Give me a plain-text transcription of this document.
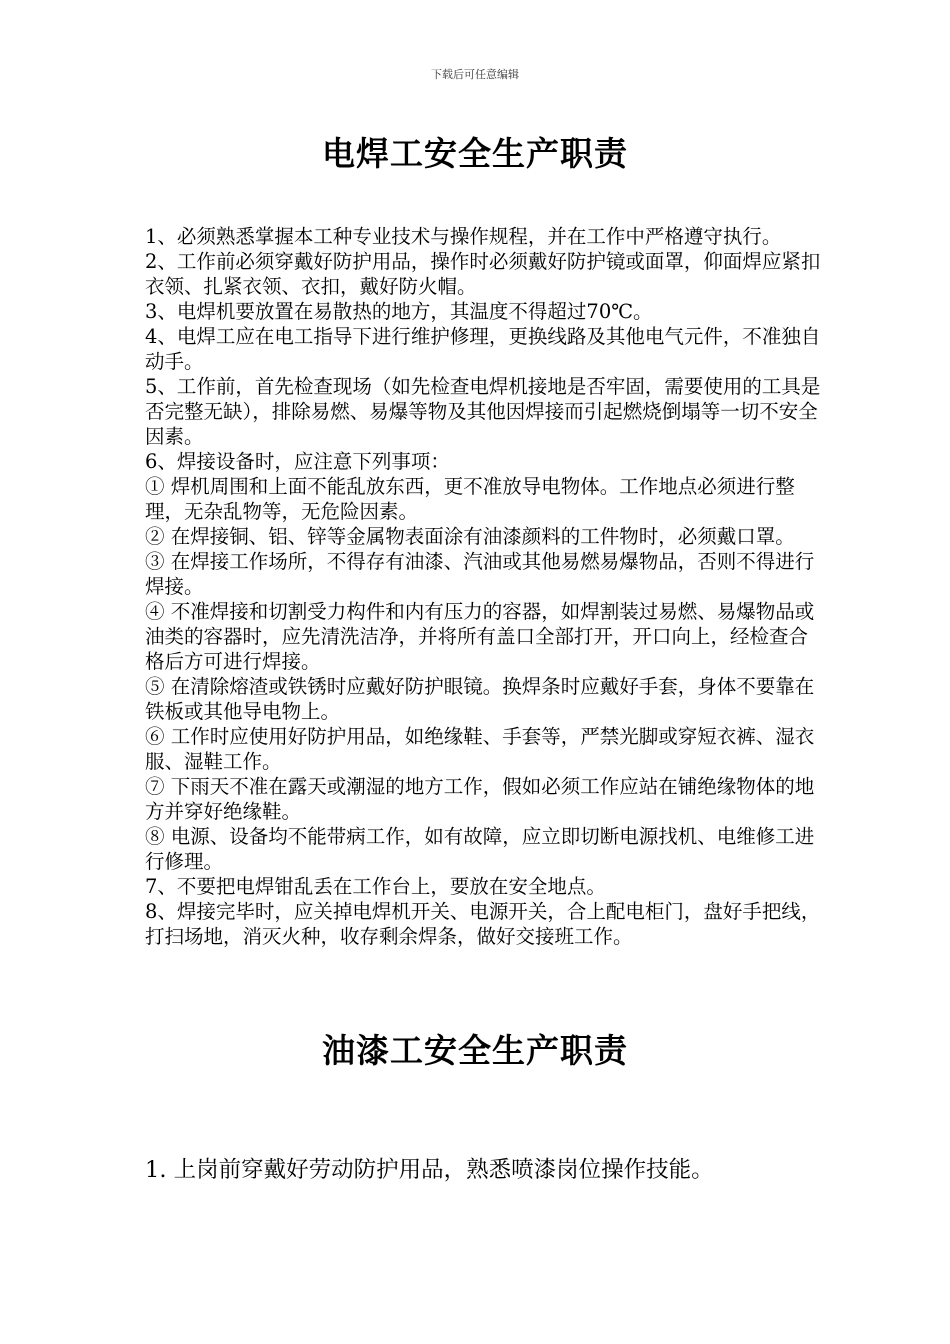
下载后可任意编辑
电焊工安全生产职责

1、必须熟悉掌握本工种专业技术与操作规程，并在工作中严格遵守执行。

2、工作前必须穿戴好防护用品，操作时必须戴好防护镜或面罩，仰面焊应紧扣衣领、扎紧衣领、衣扣，戴好防火帽。

3、电焊机要放置在易散热的地方，其温度不得超过70℃。

4、电焊工应在电工指导下进行维护修理，更换线路及其他电气元件，不准独自动手。

5、工作前，首先检查现场（如先检查电焊机接地是否牢固，需要使用的工具是否完整无缺），排除易燃、易爆等物及其他因焊接而引起燃烧倒塌等一切不安全因素。

6、焊接设备时，应注意下列事项：

① 焊机周围和上面不能乱放东西，更不准放导电物体。工作地点必须进行整理，无杂乱物等，无危险因素。

② 在焊接铜、铝、锌等金属物表面涂有油漆颜料的工件物时，必须戴口罩。

③ 在焊接工作场所，不得存有油漆、汽油或其他易燃易爆物品，否则不得进行焊接。

④ 不准焊接和切割受力构件和内有压力的容器，如焊割装过易燃、易爆物品或油类的容器时，应先清洗洁净，并将所有盖口全部打开，开口向上，经检查合格后方可进行焊接。

⑤ 在清除熔渣或铁锈时应戴好防护眼镜。换焊条时应戴好手套，身体不要靠在铁板或其他导电物上。

⑥ 工作时应使用好防护用品，如绝缘鞋、手套等，严禁光脚或穿短衣裤、湿衣服、湿鞋工作。

⑦ 下雨天不准在露天或潮湿的地方工作，假如必须工作应站在铺绝缘物体的地方并穿好绝缘鞋。

⑧ 电源、设备均不能带病工作，如有故障，应立即切断电源找机、电维修工进行修理。

7、不要把电焊钳乱丢在工作台上，要放在安全地点。

8、焊接完毕时，应关掉电焊机开关、电源开关，合上配电柜门，盘好手把线，打扫场地，消灭火种，收存剩余焊条，做好交接班工作。

油漆工安全生产职责
1. 上岗前穿戴好劳动防护用品，熟悉喷漆岗位操作技能。
